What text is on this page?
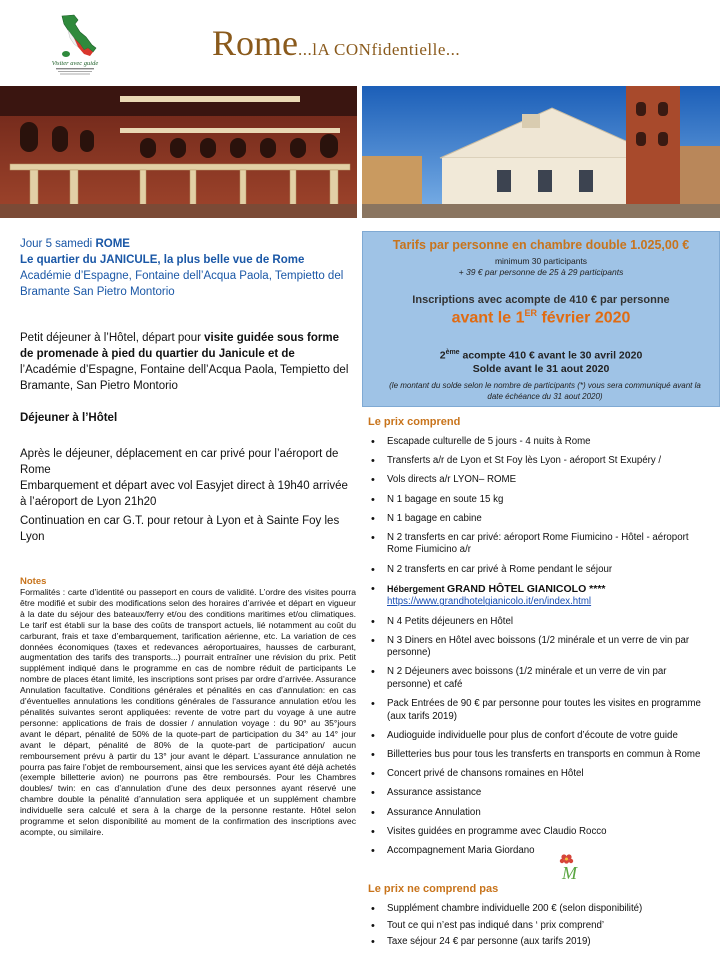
Visiter avec guide
Rome...lA CONfidentielle...
Jour 5 samedi ROME
Le quartier du JANICULE, la plus belle vue de Rome
Académie d’Espagne, Fontaine dell’Acqua Paola, Tempietto del Bramante San Pietro Montorio
Petit déjeuner à l’Hôtel, départ pour visite guidée sous forme de promenade à pied du quartier du Janicule et de l’Académie d’Espagne, Fontaine dell’Acqua Paola, Tempietto del Bramante, San Pietro Montorio
Déjeuner à l’Hôtel
Après le déjeuner, déplacement en car privé pour l’aéroport de Rome
Embarquement et départ avec vol Easyjet direct à 19h40 arrivée à l’aéroport de Lyon 21h20
Continuation en car G.T. pour retour à Lyon et à Sainte Foy les Lyon
Notes
Formalités : carte d’identité ou passeport en cours de validité. L’ordre des visites pourra être modifié et subir des modifications selon des horaires d’arrivée et départ en vigueur à la date du séjour des bateaux/ferry et/ou des conditions maritimes et/ou climatiques. Le tarif est établi sur la base des coûts de transport actuels, lié notamment au coût du carburant, frais et taxe d’embarquement, tarification aérienne, etc. La variation de ces données économiques (taxes et redevances aéroportuaires, hausses de carburant, augmentation des tarifs des transports...) pourrait entraîner une révision du prix. Petit supplément indiqué dans le programme en cas de nombre réduit de participants Le nombre de places étant limité, les inscriptions sont prises par ordre d’arrivée. Assurance Annulation facultative. Conditions générales et pénalités en cas d’annulation: en cas d’éventuelles annulations les conditions générales de l’assurance annulation et/ou les pénalités suivantes seront appliquées: revente de votre part du voyage à une autre personne: applications de frais de dossier / annulation voyage : du 90° au 35°jours avant le départ, pénalité de 50% de la quote-part de participation du 34° au 14° jour avant le départ, pénalité de 80% de la quote-part de participation/ aucun remboursement prévu à partir du 13° jour avant le départ. L’assurance annulation ne pourra pas faire l’objet de remboursement, ainsi que les services ayant été déjà achetés (exemple billetterie avion) ne pourrons pas être remboursés. Pour les Chambres doubles/ twin: en cas d’annulation d’une des deux personnes ayant réservé une chambre double la pénalité d’annulation sera appliquée et un supplément chambre individuelle sera calculé et sera à la charge de la personne restante. Hôtel selon programme et selon disponibilité au moment de la confirmation des inscriptions avec acompte, ou similaire.
Tarifs par personne en chambre double 1.025,00 €
minimum 30 participants
+ 39 € par personne de 25 à 29 participants
Inscriptions avec acompte de 410 € par personne
avant le 1ER février 2020
2ème acompte 410 € avant le 30 avril 2020
Solde avant le 31 aout 2020
(le montant du solde selon le nombre de participants (*) vous sera communiqué avant la date échéance du 31 aout 2020)
Le prix comprend
• Escapade culturelle de 5 jours - 4 nuits à Rome
• Transferts a/r de Lyon et St Foy lès Lyon - aéroport St Exupéry /
• Vols directs a/r LYON– ROME
• N 1 bagage en soute 15 kg
• N 1 bagage en cabine
• N 2 transferts en car privé: aéroport Rome Fiumicino - Hôtel - aéroport Rome Fiumicino a/r
• N 2 transferts en car privé à Rome pendant le séjour
• Hébergement GRAND HÔTEL GIANICOLO ****
https://www.grandhotelgianicolo.it/en/index.html
• N 4 Petits déjeuners en Hôtel
• N 3 Diners en Hôtel avec boissons (1/2 minérale et un verre de vin par personne)
• N 2 Déjeuners avec boissons (1/2 minérale et un verre de vin par personne) et café
• Pack Entrées de 90 € par personne pour toutes les visites en programme (aux tarifs 2019)
• Audioguide individuelle pour plus de confort d’écoute de votre guide
• Billetteries bus pour tous les transferts en transports en commun à Rome
• Concert privé de chansons romaines en Hôtel
• Assurance assistance
• Assurance Annulation
• Visites guidées en programme avec Claudio Rocco
• Accompagnement Maria Giordano
M
Le prix ne comprend pas
• Supplément chambre individuelle 200 € (selon disponibilité)
• Tout ce qui n’est pas indiqué dans ‘ prix comprend’
• Taxe séjour 24 € par personne (aux tarifs 2019)
